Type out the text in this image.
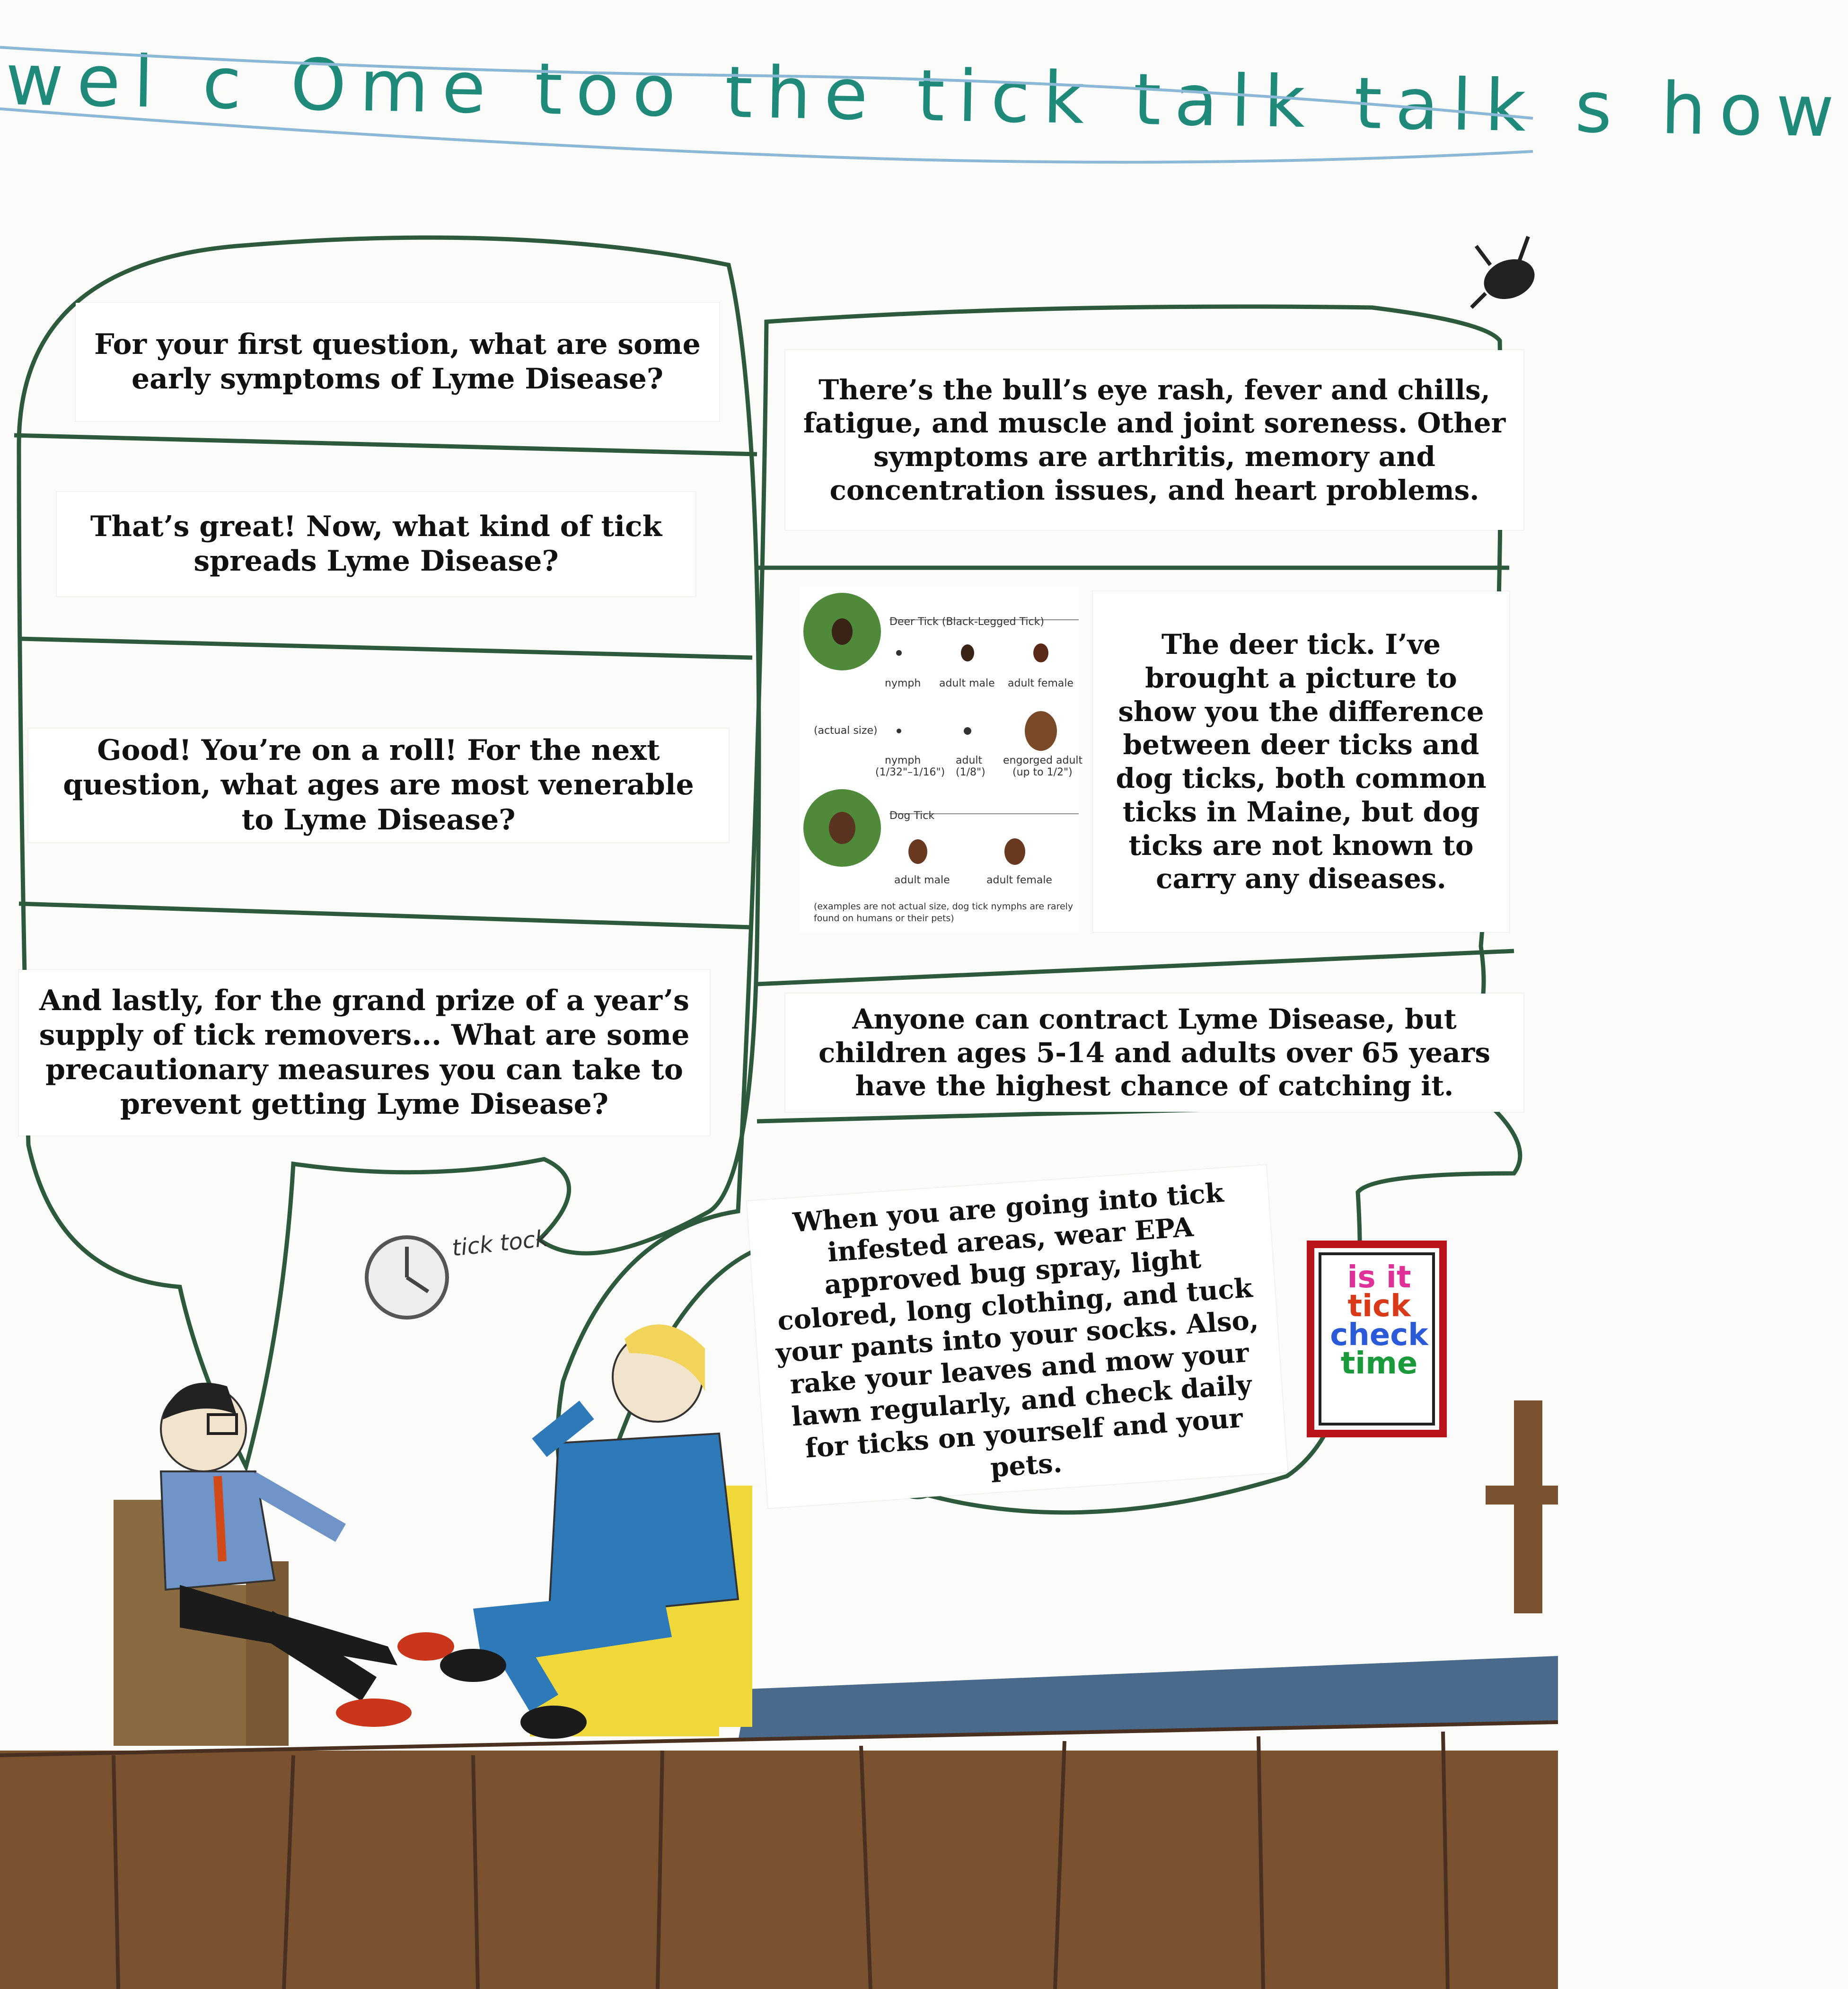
wel c Ome too the tick talk talk s how
For your first question, what are some early symptoms of Lyme Disease?
That’s great! Now, what kind of tick spreads Lyme Disease?
Good! You’re on a roll! For the next question, what ages are most venerable to Lyme Disease?
And lastly, for the grand prize of a year’s supply of tick removers... What are some precautionary measures you can take to prevent getting Lyme Disease?
There’s the bull’s eye rash, fever and chills, fatigue, and muscle and joint soreness. Other symptoms are arthritis, memory and concentration issues, and heart problems.
The deer tick. I’ve brought a picture to show you the difference between deer ticks and dog ticks, both common ticks in Maine, but dog ticks are not known to carry any diseases.
Anyone can contract Lyme Disease, but children ages 5-14 and adults over 65 years have the highest chance of catching it.
When you are going into tick infested areas, wear EPA approved bug spray, light colored, long clothing, and tuck your pants into your socks. Also, rake your leaves and mow your lawn regularly, and check daily for ticks on yourself and your pets.
Deer Tick (Black-Legged Tick)
nymph adult male adult female
(actual size)
nymph
(1/32"–1/16")
adult
(1/8")
engorged adult
(up to 1/2")
Dog Tick
adult male	adult female
(examples are not actual size, dog tick nymphs are rarely
found on humans or their pets)
tick tock
is it
tick
check
time
